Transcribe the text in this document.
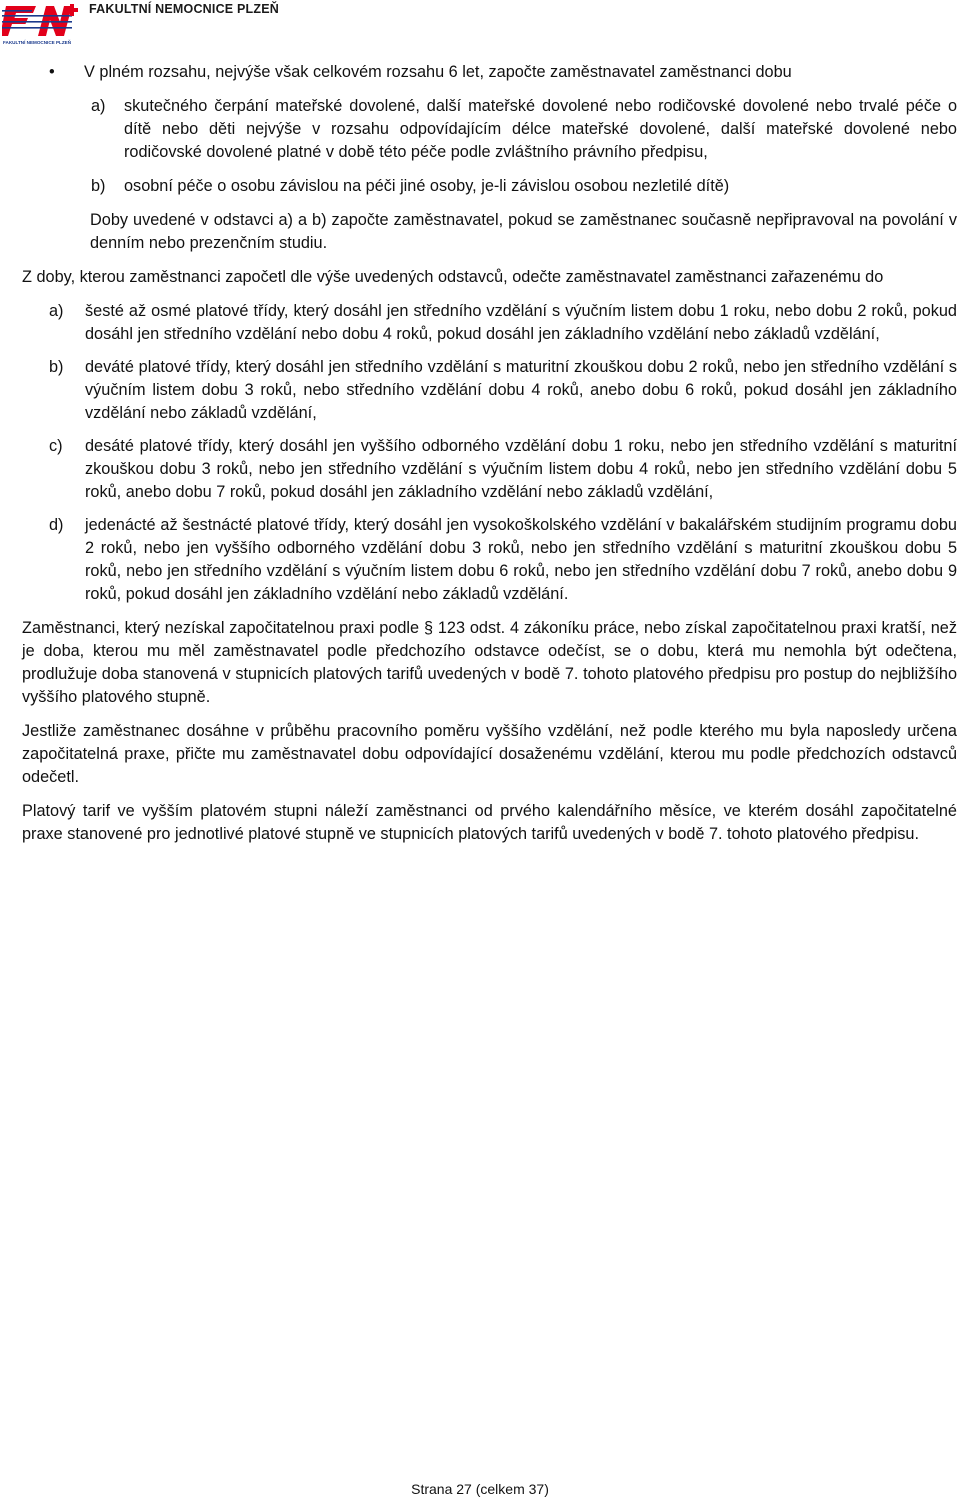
FAKULTNÍ NEMOCNICE PLZEŇ
FAKULTNÍ NEMOCNICE PLZEŇ
• V plném rozsahu, nejvýše však celkovém rozsahu 6 let, započte zaměstnavatel zaměstnanci dobu

a) skutečného čerpání mateřské dovolené, další mateřské dovolené nebo rodičovské dovolené nebo trvalé péče o dítě nebo děti nejvýše v rozsahu odpovídajícím délce mateřské dovolené, další mateřské dovolené nebo rodičovské dovolené platné v době této péče podle zvláštního právního předpisu,

b) osobní péče o osobu závislou na péči jiné osoby, je-li závislou osobou nezletilé dítě)

Doby uvedené v odstavci a) a b) započte zaměstnavatel, pokud se zaměstnanec současně nepřipravoval na povolání v denním nebo prezenčním studiu.

Z doby, kterou zaměstnanci započetl dle výše uvedených odstavců, odečte zaměstnavatel zaměstnanci zařazenému do

a) šesté až osmé platové třídy, který dosáhl jen středního vzdělání s výučním listem dobu 1 roku, nebo dobu 2 roků, pokud dosáhl jen středního vzdělání nebo dobu 4 roků, pokud dosáhl jen základního vzdělání nebo základů vzdělání,

b) deváté platové třídy, který dosáhl jen středního vzdělání s maturitní zkouškou dobu 2 roků, nebo jen středního vzdělání s výučním listem dobu 3 roků, nebo středního vzdělání dobu 4 roků, anebo dobu 6 roků, pokud dosáhl jen základního vzdělání nebo základů vzdělání,

c) desáté platové třídy, který dosáhl jen vyššího odborného vzdělání dobu 1 roku, nebo jen středního vzdělání s maturitní zkouškou dobu 3 roků, nebo jen středního vzdělání s výučním listem dobu 4 roků, nebo jen středního vzdělání dobu 5 roků, anebo dobu 7 roků, pokud dosáhl jen základního vzdělání nebo základů vzdělání,

d) jedenácté až šestnácté platové třídy, který dosáhl jen vysokoškolského vzdělání v bakalářském studijním programu dobu 2 roků, nebo jen vyššího odborného vzdělání dobu 3 roků, nebo jen středního vzdělání s maturitní zkouškou dobu 5 roků, nebo jen středního vzdělání s výučním listem dobu 6 roků, nebo jen středního vzdělání dobu 7 roků, anebo dobu 9 roků, pokud dosáhl jen základního vzdělání nebo základů vzdělání.

Zaměstnanci, který nezískal započitatelnou praxi podle § 123 odst. 4 zákoníku práce, nebo získal započitatelnou praxi kratší, než je doba, kterou mu měl zaměstnavatel podle předchozího odstavce odečíst, se o dobu, která mu nemohla být odečtena, prodlužuje doba stanovená v stupnicích platových tarifů uvedených v bodě 7. tohoto platového předpisu pro postup do nejbližšího vyššího platového stupně.

Jestliže zaměstnanec dosáhne v průběhu pracovního poměru vyššího vzdělání, než podle kterého mu byla naposledy určena započitatelná praxe, přičte mu zaměstnavatel dobu odpovídající dosaženému vzdělání, kterou mu podle předchozích odstavců odečetl.

Platový tarif ve vyšším platovém stupni náleží zaměstnanci od prvého kalendářního měsíce, ve kterém dosáhl započitatelné praxe stanovené pro jednotlivé platové stupně ve stupnicích platových tarifů uvedených v bodě 7. tohoto platového předpisu.

Strana 27 (celkem 37)
